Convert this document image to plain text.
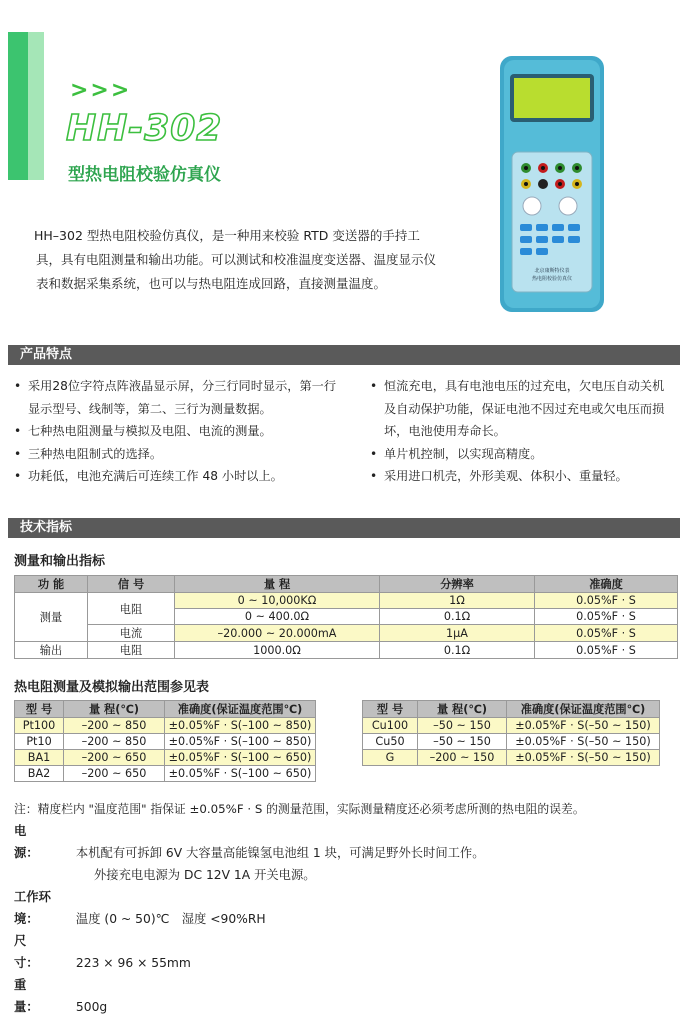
>>>
HH-302
型热电阻校验仿真仪
北京康斯特仪表
热电阻校验仿真仪
HH–302 型热电阻校验仿真仪，是一种用来校验 RTD 变送器的手持工具，具有电阻测量和输出功能。可以测试和校准温度变送器、温度显示仪表和数据采集系统，也可以与热电阻连成回路，直接测量温度。
产品特点
• 采用28位字符点阵液晶显示屏，分三行同时显示，第一行显示型号、线制等，第二、三行为测量数据。
• 七种热电阻测量与模拟及电阻、电流的测量。
• 三种热电阻制式的选择。
• 功耗低，电池充满后可连续工作 48 小时以上。
• 恒流充电，具有电池电压的过充电，欠电压自动关机及自动保护功能，保证电池不因过充电或欠电压而损坏，电池使用寿命长。
• 单片机控制，以实现高精度。
• 采用进口机壳，外形美观、体积小、重量轻。
技术指标
测量和输出指标
功 能	信 号	量 程	分辨率	准确度
测量	电阻	0 ~ 10,000KΩ	1Ω	0.05%F · S
		0 ~ 400.0Ω	0.1Ω	0.05%F · S
	电流	–20.000 ~ 20.000mA	1μA	0.05%F · S
输出	电阻	1000.0Ω	0.1Ω	0.05%F · S
热电阻测量及模拟输出范围参见表
型 号	量 程(℃)	准确度(保证温度范围℃)
Pt100	–200 ~ 850	±0.05%F · S(–100 ~ 850)
Pt10	–200 ~ 850	±0.05%F · S(–100 ~ 850)
BA1	–200 ~ 650	±0.05%F · S(–100 ~ 650)
BA2	–200 ~ 650	±0.05%F · S(–100 ~ 650)
型 号	量 程(℃)	准确度(保证温度范围℃)
Cu100	–50 ~ 150	±0.05%F · S(–50 ~ 150)
Cu50	–50 ~ 150	±0.05%F · S(–50 ~ 150)
G	–200 ~ 150	±0.05%F · S(–50 ~ 150)
注：精度栏内 "温度范围" 指保证 ±0.05%F · S 的测量范围，实际测量精度还必须考虑所测的热电阻的误差。
电　　源：	本机配有可拆卸 6V 大容量高能镍氢电池组 1 块，可满足野外长时间工作。
外接充电电源为 DC 12V 1A 开关电源。
工作环境：	温度 (0 ~ 50)℃　湿度 <90%RH
尺　　寸：	223 × 96 × 55mm
重　　量：	500g
